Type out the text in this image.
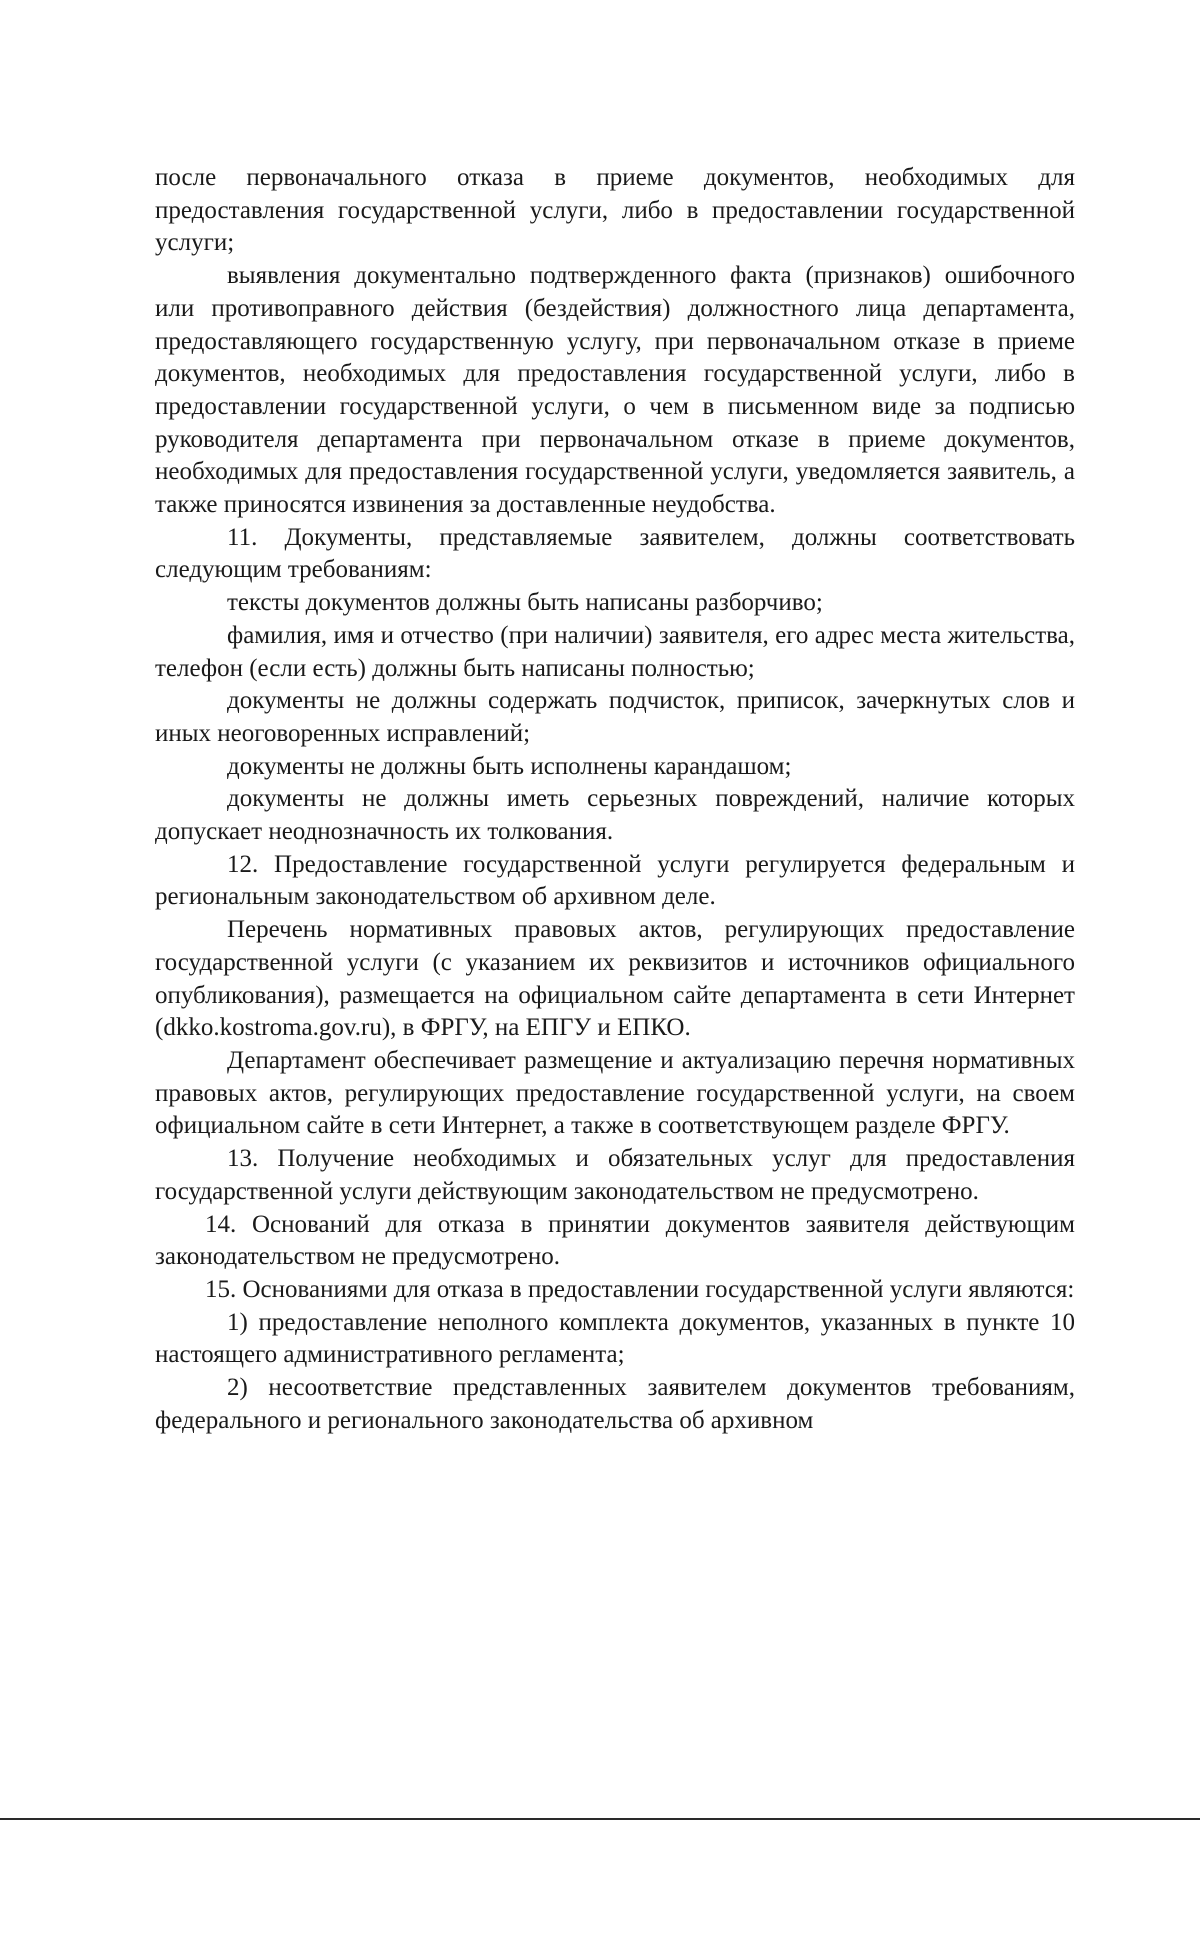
после первоначального отказа в приеме документов, необходимых для предоставления государственной услуги, либо в предоставлении государственной услуги;

выявления документально подтвержденного факта (признаков) ошибочного или противоправного действия (бездействия) должностного лица департамента, предоставляющего государственную услугу, при первоначальном отказе в приеме документов, необходимых для предоставления государственной услуги, либо в предоставлении государственной услуги, о чем в письменном виде за подписью руководителя департамента при первоначальном отказе в приеме документов, необходимых для предоставления государственной услуги, уведомляется заявитель, а также приносятся извинения за доставленные неудобства.

11. Документы, представляемые заявителем, должны соответствовать следующим требованиям:

тексты документов должны быть написаны разборчиво;

фамилия, имя и отчество (при наличии) заявителя, его адрес места жительства, телефон (если есть) должны быть написаны полностью;

документы не должны содержать подчисток, приписок, зачеркнутых слов и иных неоговоренных исправлений;

документы не должны быть исполнены карандашом;

документы не должны иметь серьезных повреждений, наличие которых допускает неоднозначность их толкования.

12. Предоставление государственной услуги регулируется федеральным и региональным законодательством об архивном деле.

Перечень нормативных правовых актов, регулирующих предоставление государственной услуги (с указанием их реквизитов и источников официального опубликования), размещается на официальном сайте департамента в сети Интернет (dkko.kostroma.gov.ru), в ФРГУ, на ЕПГУ и ЕПКО.

Департамент обеспечивает размещение и актуализацию перечня нормативных правовых актов, регулирующих предоставление государственной услуги, на своем официальном сайте в сети Интернет, а также в соответствующем разделе ФРГУ.

13. Получение необходимых и обязательных услуг для предоставления государственной услуги действующим законодательством не предусмотрено.

14. Оснований для отказа в принятии документов заявителя действующим законодательством не предусмотрено.

15. Основаниями для отказа в предоставлении государственной услуги являются:

1) предоставление неполного комплекта документов, указанных в пункте 10 настоящего административного регламента;

2) несоответствие представленных заявителем документов требованиям, федерального и регионального законодательства об архивном
